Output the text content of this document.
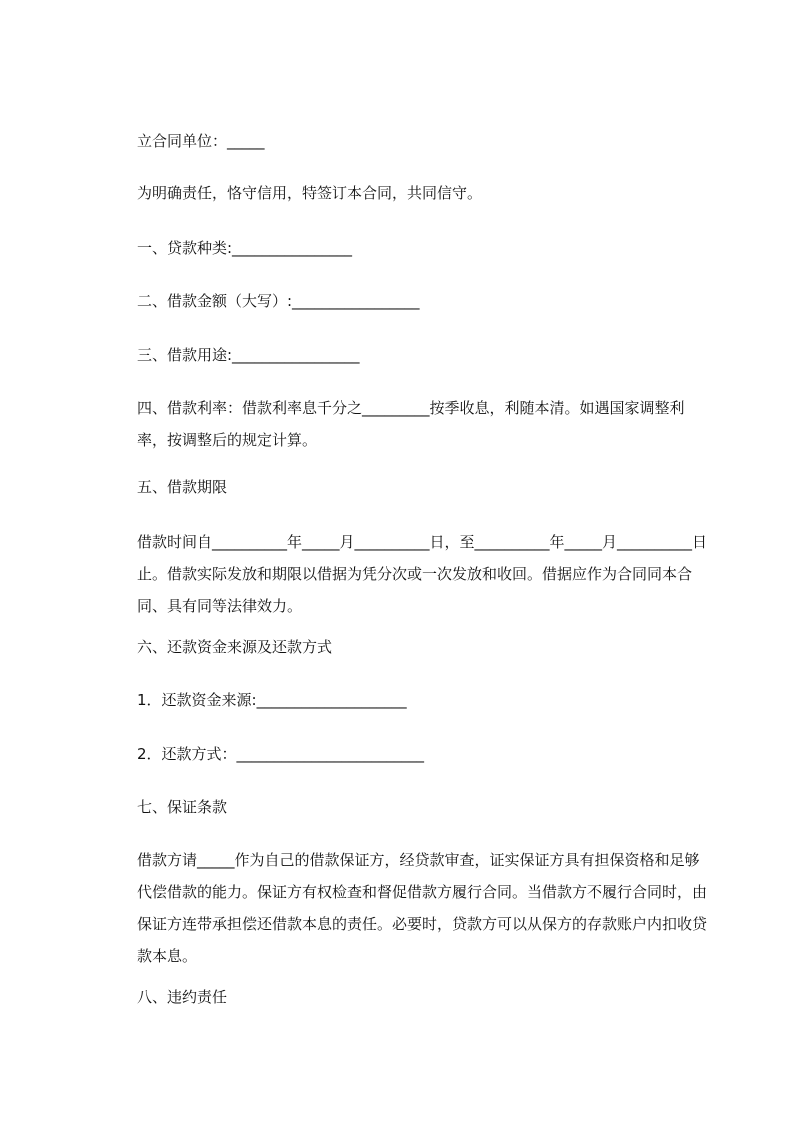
立合同单位：_____
为明确责任，恪守信用，特签订本合同，共同信守。
一、贷款种类:________________
二、借款金额（大写）:_________________
三、借款用途:_________________
四、借款利率：借款利率息千分之_________按季收息，利随本清。如遇国家调整利率，按调整后的规定计算。
五、借款期限
借款时间自__________年_____月__________日，至__________年_____月__________日止。借款实际发放和期限以借据为凭分次或一次发放和收回。借据应作为合同同本合同、具有同等法律效力。
六、还款资金来源及还款方式
1．还款资金来源:____________________
2．还款方式：_________________________
七、保证条款
借款方请_____作为自己的借款保证方，经贷款审查，证实保证方具有担保资格和足够代偿借款的能力。保证方有权检查和督促借款方履行合同。当借款方不履行合同时，由保证方连带承担偿还借款本息的责任。必要时，贷款方可以从保方的存款账户内扣收贷款本息。
八、违约责任
